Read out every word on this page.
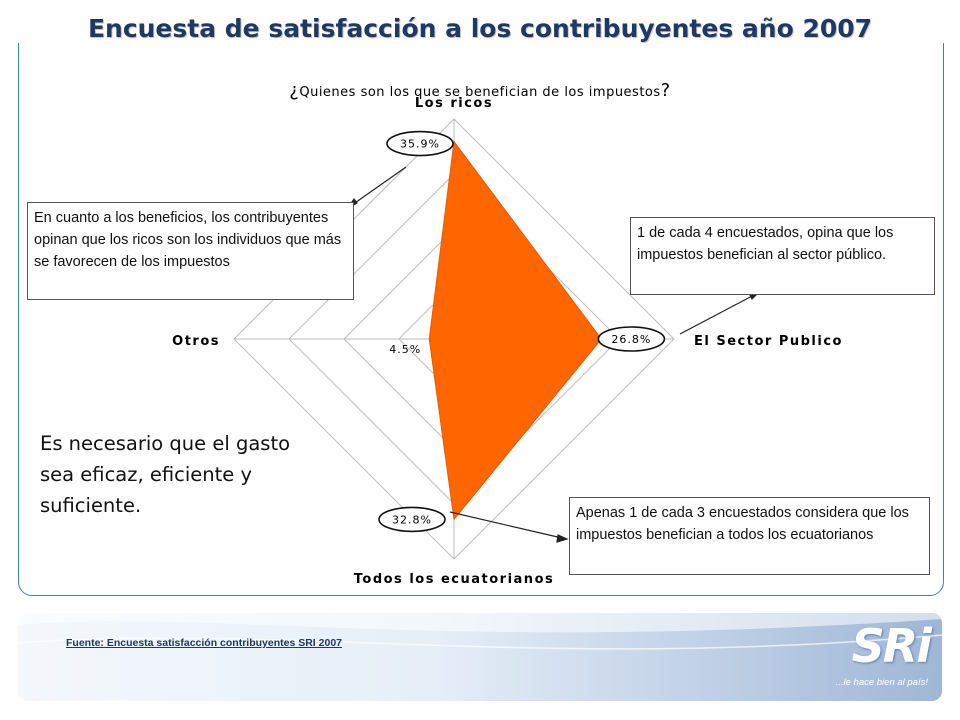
Encuesta de satisfacción a los contribuyentes año 2007
¿Quienes son los que se benefician de los impuestos?
Los ricos
El Sector Publico
Todos los ecuatorianos
Otros
35.9%
26.8%
32.8%
4.5%
En cuanto a los beneficios, los contribuyentes opinan que los ricos son los individuos que más se favorecen de los impuestos
1 de cada 4 encuestados, opina que los impuestos benefician al sector público.
Apenas 1 de cada 3 encuestados considera que los impuestos benefician a todos los ecuatorianos
Es necesario que el gasto sea eficaz, eficiente y suficiente.
Fuente: Encuesta satisfacción contribuyentes SRI 2007	SRi
...le hace bien al país!
